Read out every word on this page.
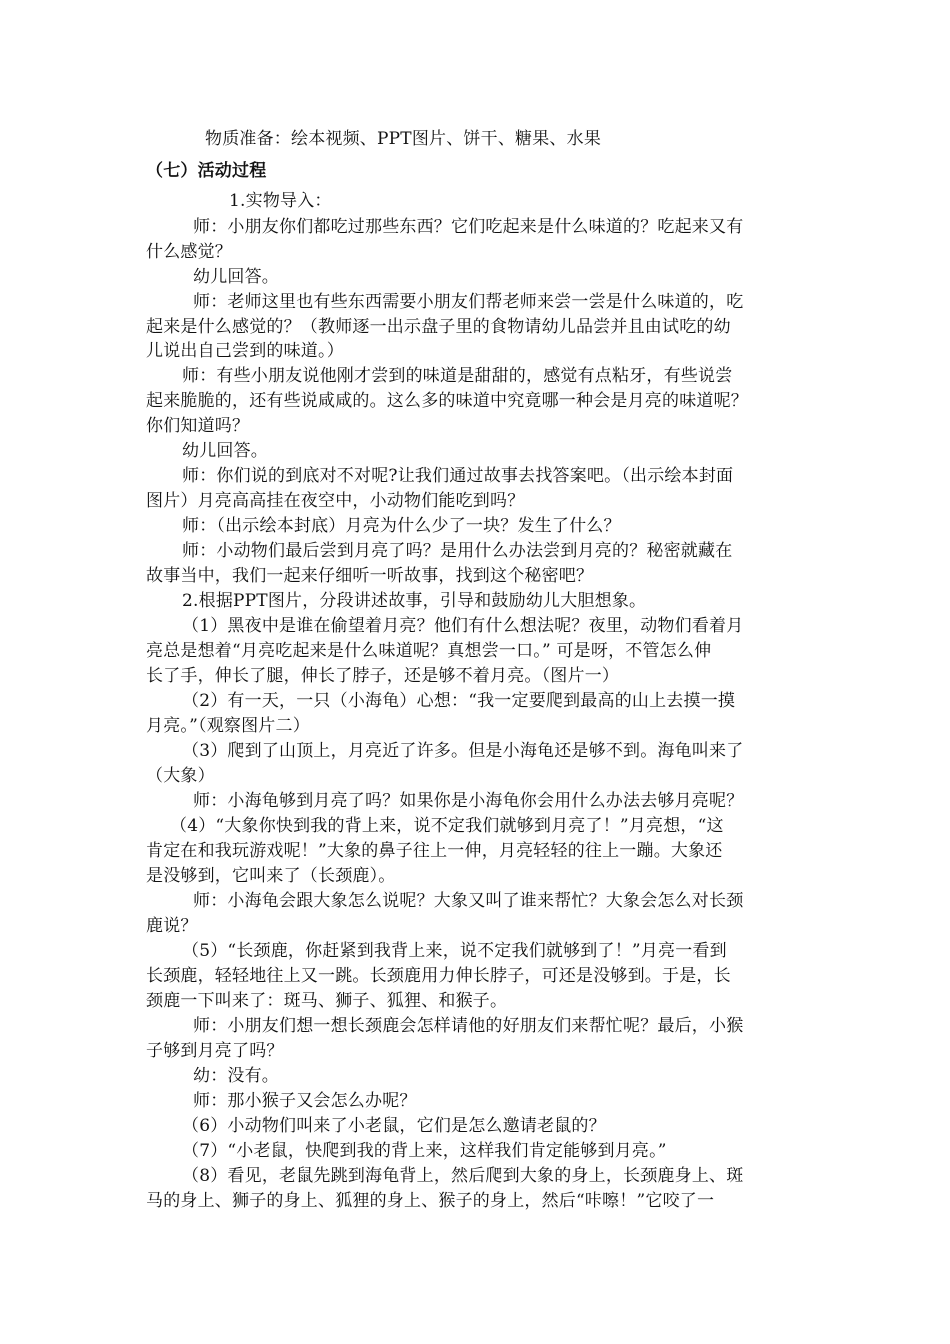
物质准备：绘本视频、PPT图片、饼干、糖果、水果
（七）活动过程
1.实物导入：
师：小朋友你们都吃过那些东西？它们吃起来是什么味道的？吃起来又有
什么感觉？
幼儿回答。
师：老师这里也有些东西需要小朋友们帮老师来尝一尝是什么味道的，吃
起来是什么感觉的？（教师逐一出示盘子里的食物请幼儿品尝并且由试吃的幼
儿说出自己尝到的味道。）
师：有些小朋友说他刚才尝到的味道是甜甜的，感觉有点粘牙，有些说尝
起来脆脆的，还有些说咸咸的。这么多的味道中究竟哪一种会是月亮的味道呢？
你们知道吗？
幼儿回答。
师：你们说的到底对不对呢?让我们通过故事去找答案吧。（出示绘本封面
图片）月亮高高挂在夜空中，小动物们能吃到吗？
师：（出示绘本封底）月亮为什么少了一块？发生了什么？
师：小动物们最后尝到月亮了吗？是用什么办法尝到月亮的？秘密就藏在
故事当中，我们一起来仔细听一听故事，找到这个秘密吧？
2.根据PPT图片，分段讲述故事，引导和鼓励幼儿大胆想象。
（1）黑夜中是谁在偷望着月亮？他们有什么想法呢？夜里，动物们看着月
亮总是想着“月亮吃起来是什么味道呢？真想尝一口。” 可是呀，不管怎么伸
长了手，伸长了腿，伸长了脖子，还是够不着月亮。（图片一）
（2）有一天，一只（小海龟）心想：“我一定要爬到最高的山上去摸一摸
月亮。”（观察图片二）
（3）爬到了山顶上，月亮近了许多。但是小海龟还是够不到。海龟叫来了
（大象）
师：小海龟够到月亮了吗？如果你是小海龟你会用什么办法去够月亮呢？
（4）“大象你快到我的背上来，说不定我们就够到月亮了！”月亮想，“这
肯定在和我玩游戏呢！”大象的鼻子往上一伸，月亮轻轻的往上一蹦。大象还
是没够到，它叫来了（长颈鹿）。
师：小海龟会跟大象怎么说呢？大象又叫了谁来帮忙？大象会怎么对长颈
鹿说？
（5）“长颈鹿，你赶紧到我背上来，说不定我们就够到了！”月亮一看到
长颈鹿，轻轻地往上又一跳。长颈鹿用力伸长脖子，可还是没够到。于是，长
颈鹿一下叫来了：斑马、狮子、狐狸、和猴子。
师：小朋友们想一想长颈鹿会怎样请他的好朋友们来帮忙呢？最后，小猴
子够到月亮了吗？
幼：没有。
师：那小猴子又会怎么办呢？
（6）小动物们叫来了小老鼠，它们是怎么邀请老鼠的？
（7）“小老鼠，快爬到我的背上来，这样我们肯定能够到月亮。”
（8）看见，老鼠先跳到海龟背上，然后爬到大象的身上，长颈鹿身上、斑
马的身上、狮子的身上、狐狸的身上、猴子的身上，然后“咔嚓！”它咬了一
